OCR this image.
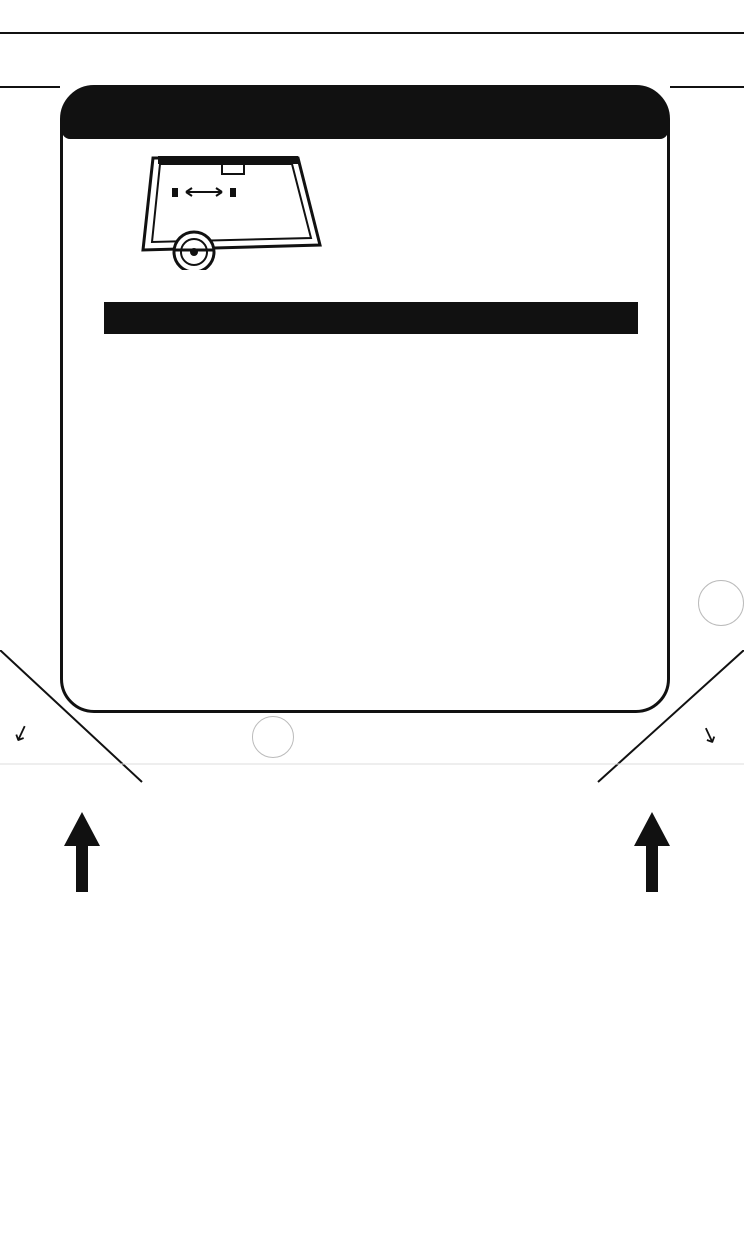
↙	↘
